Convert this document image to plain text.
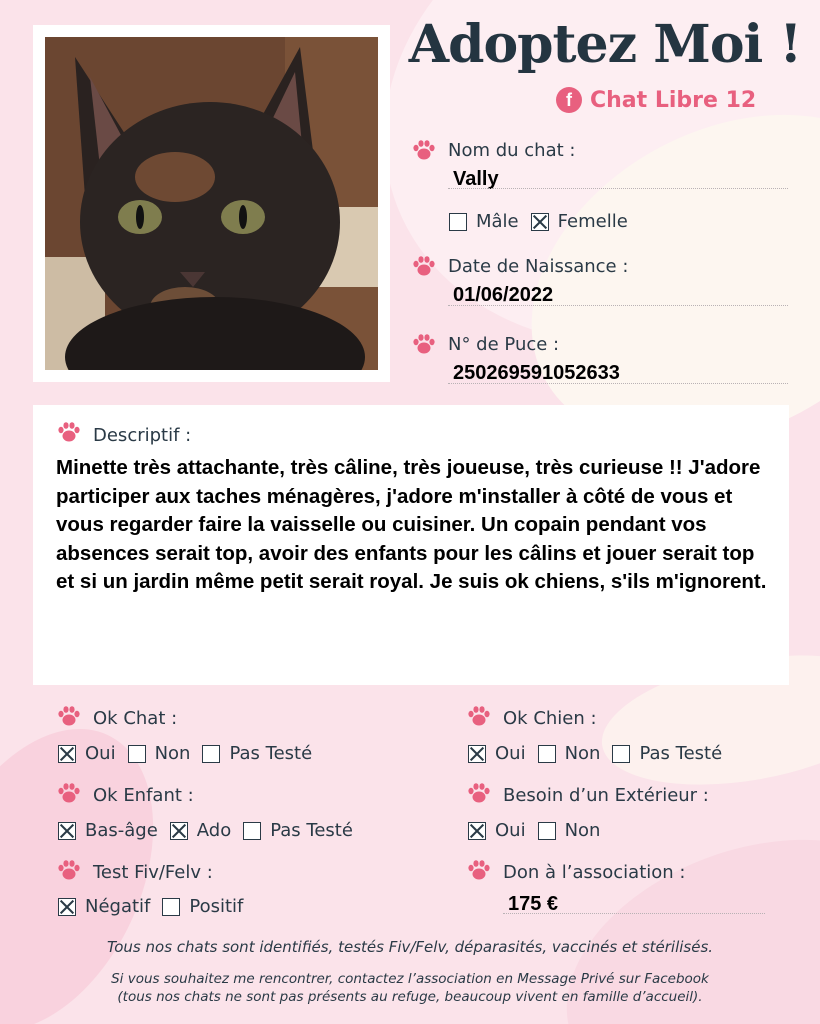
Adoptez Moi !
f Chat Libre 12
Nom du chat :
Vally
Mâle Femelle
Date de Naissance :
01/06/2022
N° de Puce :
250269591052633
Descriptif :
Minette très attachante, très câline, très joueuse, très curieuse !! J'adore participer aux taches ménagères, j'adore m'installer à côté de vous et vous regarder faire la vaisselle ou cuisiner. Un copain pendant vos absences serait top, avoir des enfants pour les câlins et jouer serait top et si un jardin même petit serait royal. Je suis ok chiens, s'ils m'ignorent.
Ok Chat :
Oui Non Pas Testé
Ok Chien :
Oui Non Pas Testé
Ok Enfant :
Bas-âge Ado Pas Testé
Besoin d’un Extérieur :
Oui Non
Test Fiv/Felv :
Négatif Positif
Don à l’association :
175 €
Tous nos chats sont identifiés, testés Fiv/Felv, déparasités, vaccinés et stérilisés.
Si vous souhaitez me rencontrer, contactez l’association en Message Privé sur Facebook
(tous nos chats ne sont pas présents au refuge, beaucoup vivent en famille d’accueil).
